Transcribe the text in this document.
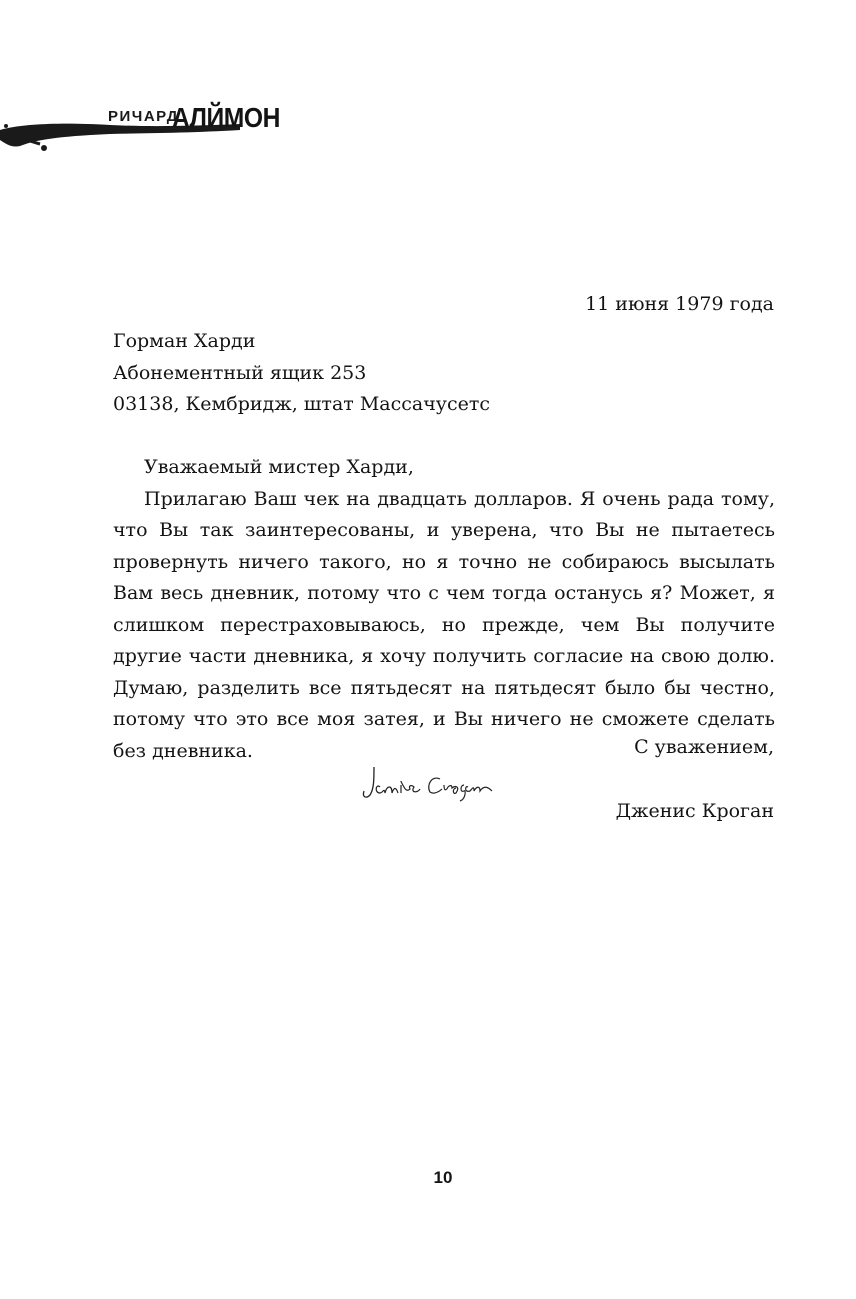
РИЧАРД
АЛЙМОН
11 июня 1979 года
Горман Харди
Абонементный ящик 253
03138, Кембридж, штат Массачусетс

Уважаемый мистер Харди,

Прилагаю Ваш чек на двадцать долларов. Я очень рада тому, что Вы так заинтересованы, и уверена, что Вы не пытаетесь провернуть ничего такого, но я точно не собираюсь высылать Вам весь дневник, потому что с чем тогда останусь я? Может, я слишком перестраховываюсь, но прежде, чем Вы получите другие части дневника, я хочу получить согласие на свою долю. Думаю, разделить все пятьдесят на пятьдесят было бы честно, потому что это все моя затея, и Вы ничего не сможете сделать без дневника.	С уважением,
Дженис Кроган
10
